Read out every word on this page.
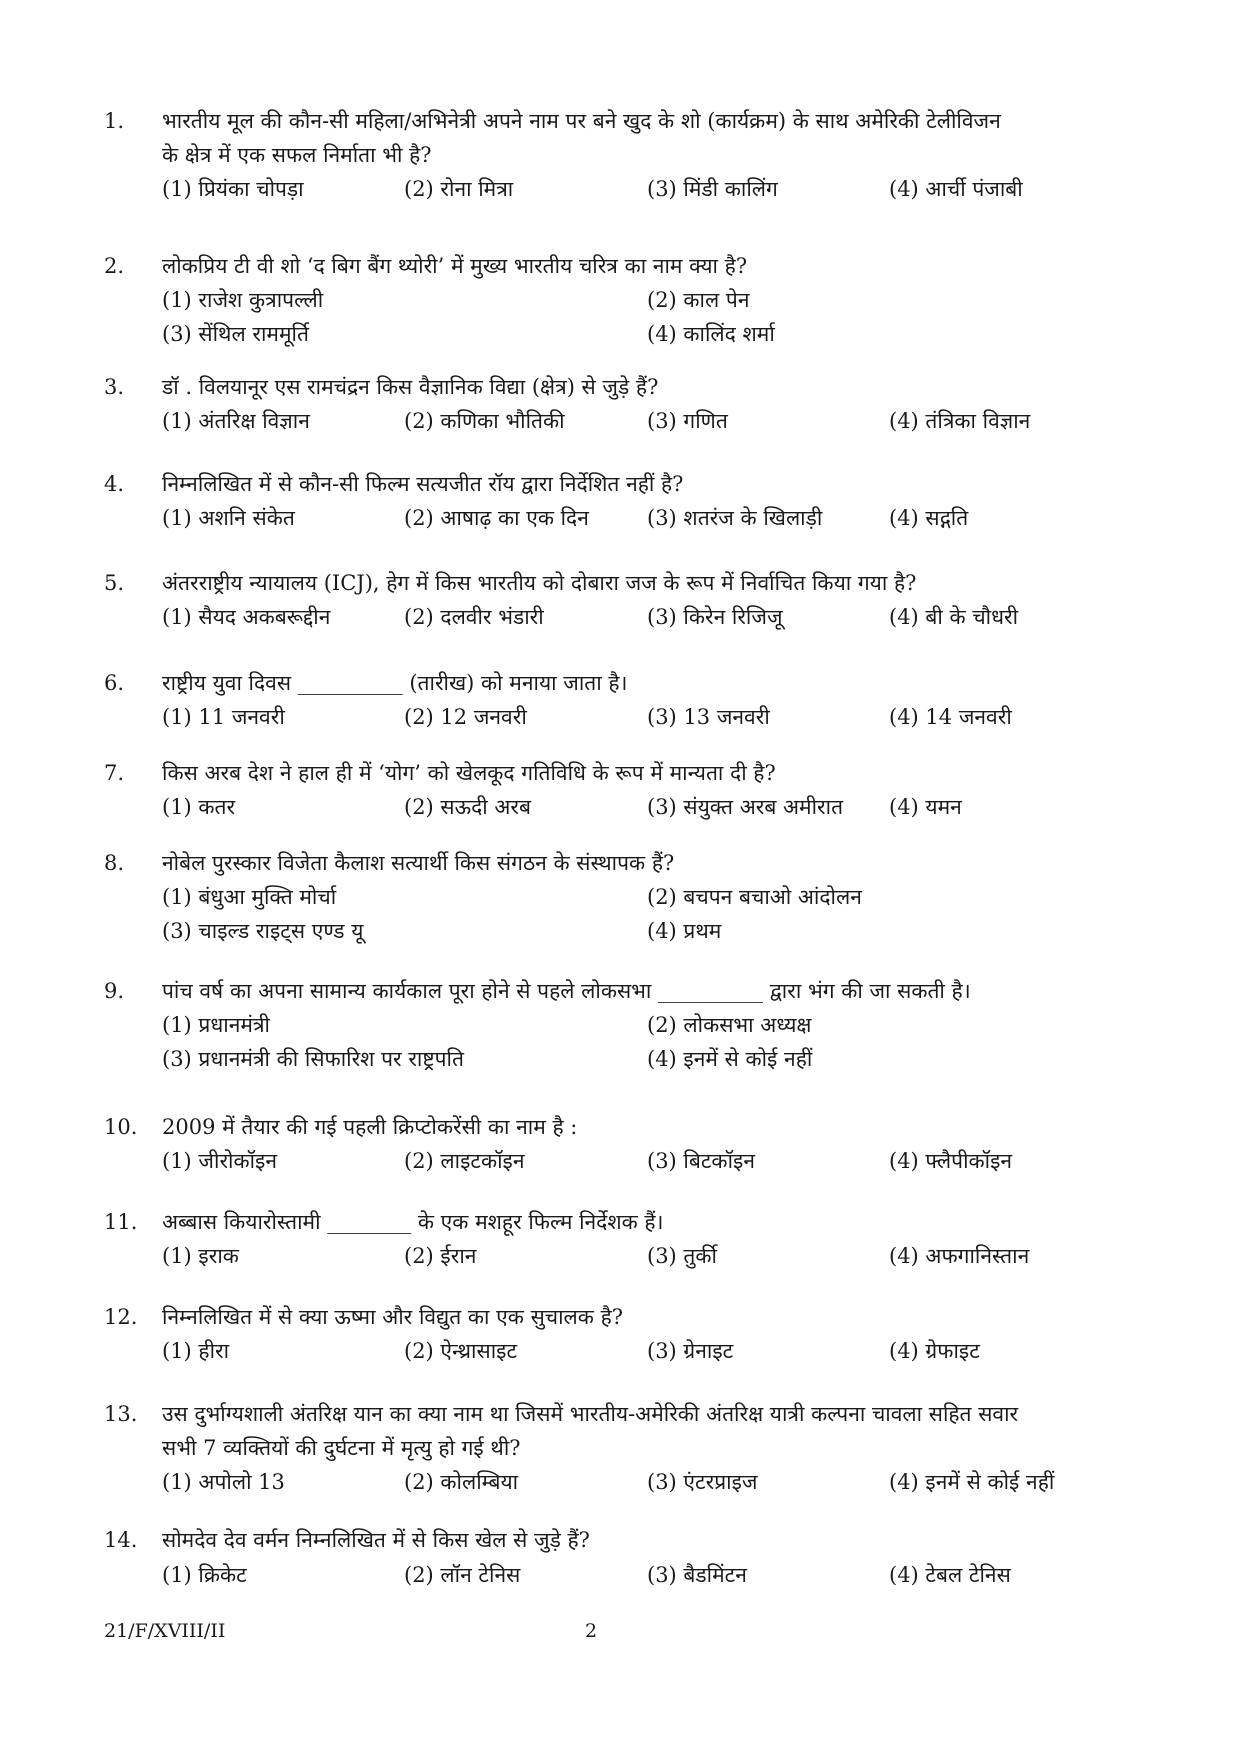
1. भारतीय मूल की कौन-सी महिला/अभिनेत्री अपने नाम पर बने खुद के शो (कार्यक्रम) के साथ अमेरिकी टेलीविजन
के क्षेत्र में एक सफल निर्माता भी है?
(1) प्रियंका चोपड़ा	(2) रोना मित्रा	(3) मिंडी कालिंग	(4) आर्ची पंजाबी
2. लोकप्रिय टी वी शो ‘द बिग बैंग थ्योरी’ में मुख्य भारतीय चरित्र का नाम क्या है?
(1) राजेश कुत्रापल्ली	(2) काल पेन
(3) सेंथिल राममूर्ति	(4) कालिंद शर्मा
3. डॉ . विलयानूर एस रामचंद्रन किस वैज्ञानिक विद्या (क्षेत्र) से जुड़े हैं?
(1) अंतरिक्ष विज्ञान	(2) कणिका भौतिकी	(3) गणित	(4) तंत्रिका विज्ञान
4. निम्नलिखित में से कौन-सी फिल्म सत्यजीत रॉय द्वारा निर्देशित नहीं है?
(1) अशनि संकेत	(2) आषाढ़ का एक दिन	(3) शतरंज के खिलाड़ी	(4) सद्गति
5. अंतरराष्ट्रीय न्यायालय (ICJ), हेग में किस भारतीय को दोबारा जज के रूप में निर्वाचित किया गया है?
(1) सैयद अकबरूद्दीन	(2) दलवीर भंडारी	(3) किरेन रिजिजू	(4) बी के चौधरी
6. राष्ट्रीय युवा दिवस __________ (तारीख) को मनाया जाता है।
(1) 11 जनवरी	(2) 12 जनवरी	(3) 13 जनवरी	(4) 14 जनवरी
7. किस अरब देश ने हाल ही में ‘योग’ को खेलकूद गतिविधि के रूप में मान्यता दी है?
(1) कतर	(2) सऊदी अरब	(3) संयुक्त अरब अमीरात (4) यमन
8. नोबेल पुरस्कार विजेता कैलाश सत्यार्थी किस संगठन के संस्थापक हैं?
(1) बंधुआ मुक्ति मोर्चा	(2) बचपन बचाओ आंदोलन
(3) चाइल्ड राइट्स एण्ड यू	(4) प्रथम
9. पांच वर्ष का अपना सामान्य कार्यकाल पूरा होने से पहले लोकसभा __________ द्वारा भंग की जा सकती है।
(1) प्रधानमंत्री	(2) लोकसभा अध्यक्ष
(3) प्रधानमंत्री की सिफारिश पर राष्ट्रपति	(4) इनमें से कोई नहीं
10. 2009 में तैयार की गई पहली क्रिप्टोकरेंसी का नाम है :
(1) जीरोकॉइन	(2) लाइटकॉइन	(3) बिटकॉइन	(4) फ्लैपीकॉइन
11. अब्बास कियारोस्तामी ________ के एक मशहूर फिल्म निर्देशक हैं।
(1) इराक	(2) ईरान	(3) तुर्की	(4) अफगानिस्तान
12. निम्नलिखित में से क्या ऊष्मा और विद्युत का एक सुचालक है?
(1) हीरा	(2) ऐन्थ्रासाइट	(3) ग्रेनाइट	(4) ग्रेफाइट
13. उस दुर्भाग्यशाली अंतरिक्ष यान का क्या नाम था जिसमें भारतीय-अमेरिकी अंतरिक्ष यात्री कल्पना चावला सहित सवार
सभी 7 व्यक्तियों की दुर्घटना में मृत्यु हो गई थी?
(1) अपोलो 13	(2) कोलम्बिया	(3) एंटरप्राइज	(4) इनमें से कोई नहीं
14. सोमदेव देव वर्मन निम्नलिखित में से किस खेल से जुड़े हैं?
(1) क्रिकेट	(2) लॉन टेनिस	(3) बैडमिंटन	(4) टेबल टेनिस
21/F/XVIII/II	2
